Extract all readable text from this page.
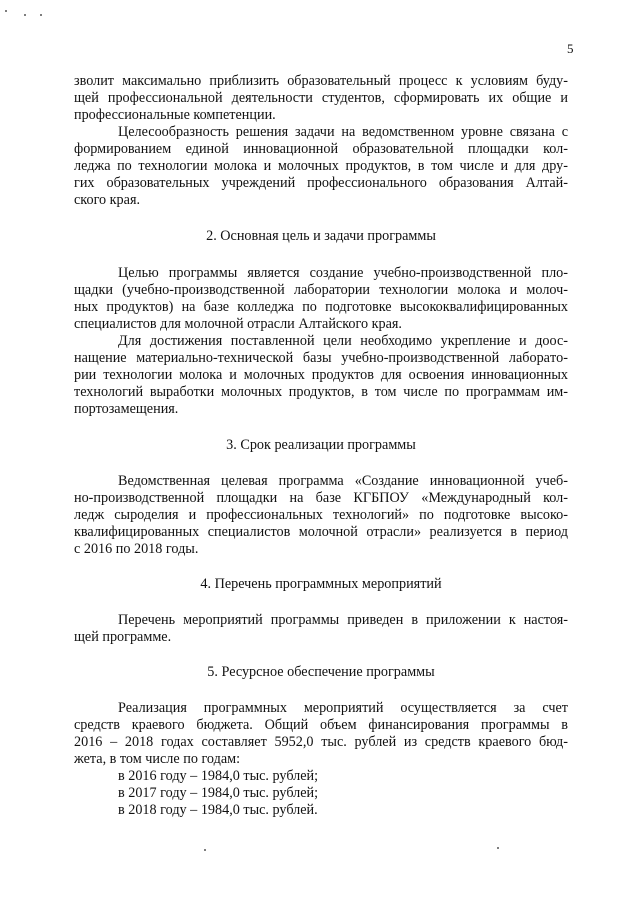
5
зволит максимально приблизить образовательный процесс к условиям буду-
щей профессиональной деятельности студентов, сформировать их общие и
профессиональные компетенции.
Целесообразность решения задачи на ведомственном уровне связана с
формированием единой инновационной образовательной площадки кол-
леджа по технологии молока и молочных продуктов, в том числе и для дру-
гих образовательных учреждений профессионального образования Алтай-
ского края.
2. Основная цель и задачи программы
Целью программы является создание учебно-производственной пло-
щадки (учебно-производственной лаборатории технологии молока и молоч-
ных продуктов) на базе колледжа по подготовке высококвалифицированных
специалистов для молочной отрасли Алтайского края.
Для достижения поставленной цели необходимо укрепление и доос-
нащение материально-технической базы учебно-производственной лaбopaтo-
рии технологии молока и молочных продуктов для освоения инновационных
технологий выработки молочных продуктов, в том числе по программам им-
портозамещения.
3. Срок реализации программы
Ведомственная целевая программа «Создание инновационной учеб-
но-производственной площадки на базе КГБПОУ «Международный кол-
ледж сыроделия и профессиональных технологий» по подготовке высоко-
квалифицированных специалистов молочной отрасли» реализуется в период
с 2016 по 2018 годы.
4. Перечень программных мероприятий
Перечень мероприятий программы приведен в приложении к настоя-
щей программе.
5. Ресурсное обеспечение программы
Реализация программных мероприятий осуществляется за счет
средств краевого бюджета. Общий объем финансирования программы в
2016 – 2018 годах составляет 5952,0 тыс. рублей из средств краевого бюд-
жета, в том числе по годам:
в 2016 году – 1984,0 тыс. рублей;
в 2017 году – 1984,0 тыс. рублей;
в 2018 году – 1984,0 тыс. рублей.
